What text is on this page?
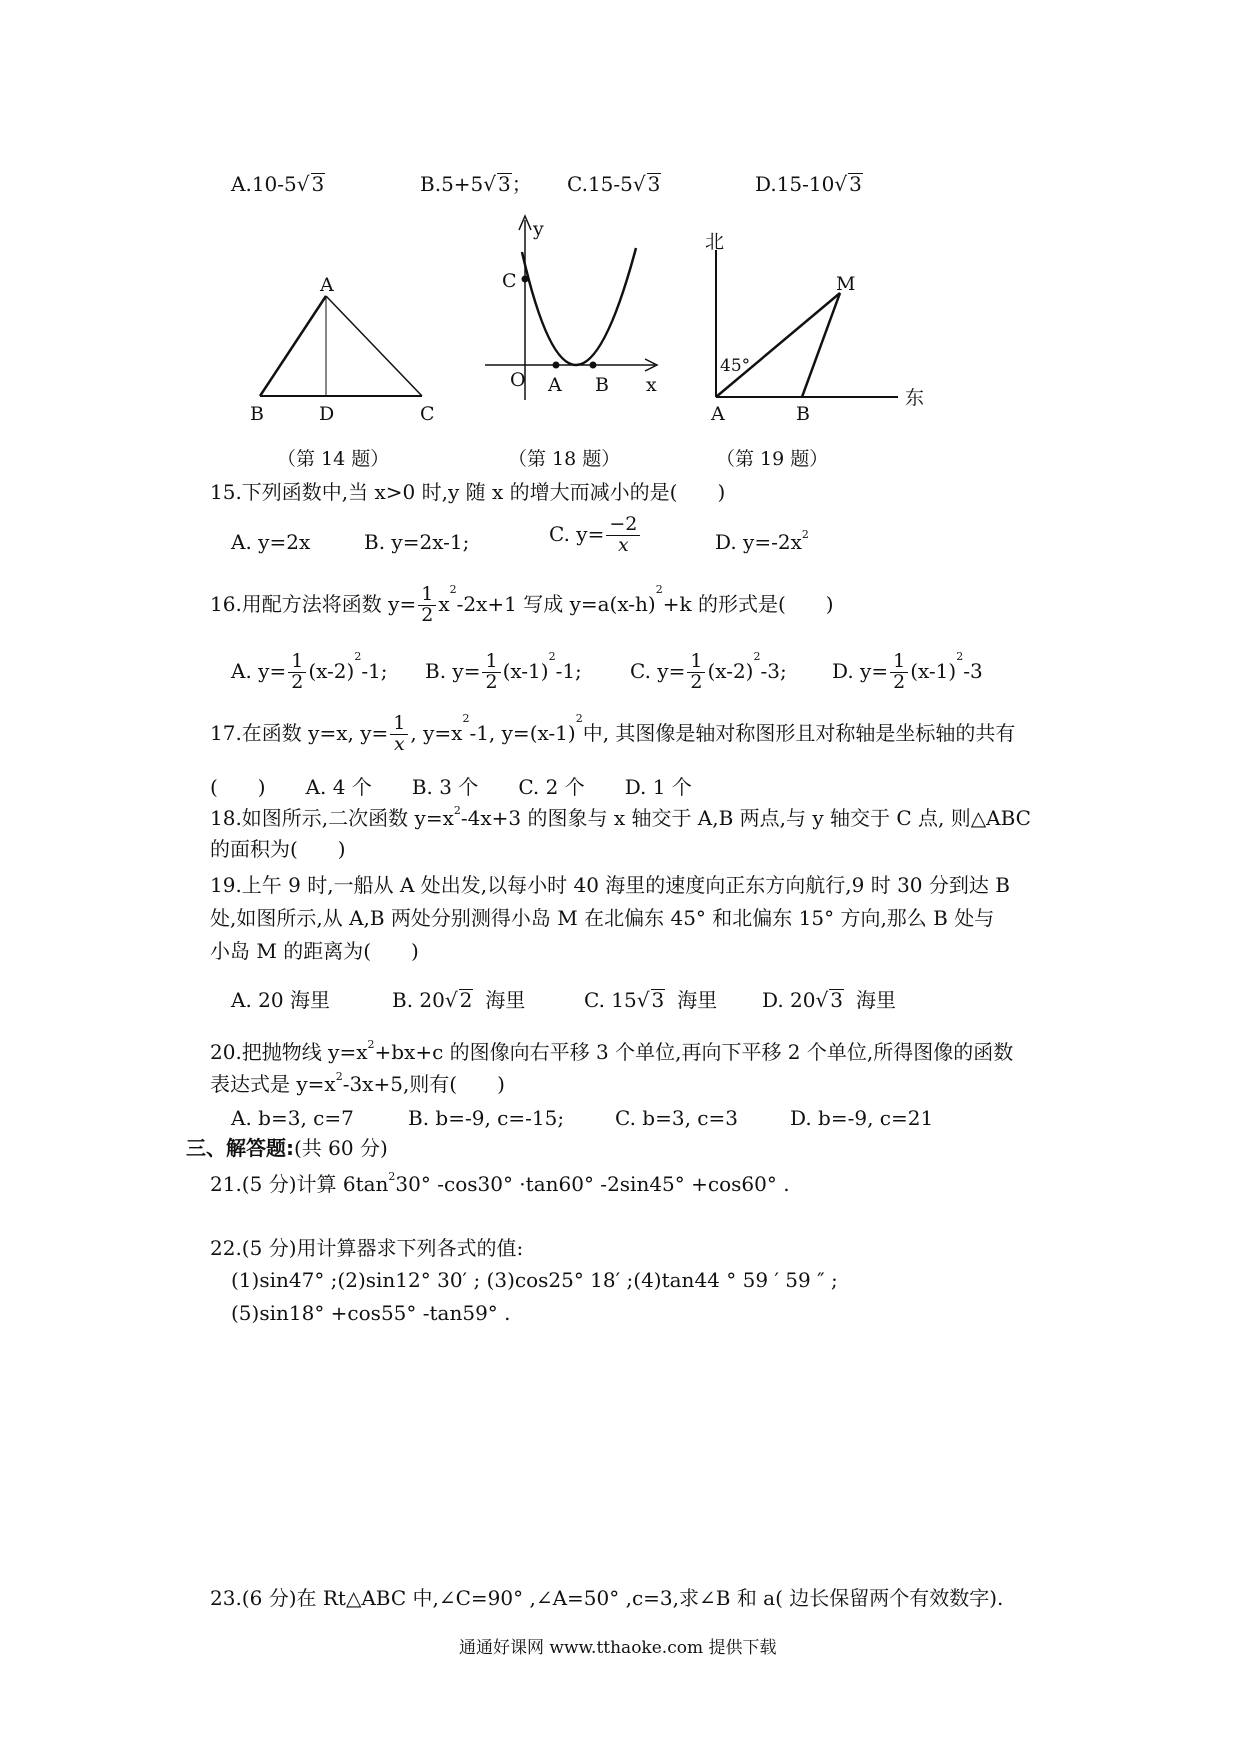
A.10-5√ 3	B.5+5√ 3； C.15-5√ 3	D.15-10√ 3
A
B	D	C
y
C
O A B x
北
M
45°
A	B
东
（第 14 题）	（第 18 题）	（第 19 题）
15.下列函数中,当 x>0 时,y 随 x 的增大而减小的是(　　)
A. y=2x	B. y=2x-1;	C. $y= \frac{-2}{x}$	D. $y=-2x^2$
16.用配方法将函数 $y= \frac{1}{2} x^2-2x+1$ 写成 $y=a(x-h)^2+k$ 的形式是(　　)
A. $y= \frac{1}{2} (x-2)^2-1$; B. $y= \frac{1}{2} (x-1)^2-1$; C. $y= \frac{1}{2} (x-2)^2-3$; D. $y= \frac{1}{2} (x-1)^2-3$
17.在函数 y=x, $y= \frac{1}{x}$ , $y=x^2-1$, $y=(x-1)^2$中, 其图像是轴对称图形且对称轴是坐标轴的共有
(　　)　　A. 4 个　　B. 3 个　　C. 2 个　　D. 1 个
18.如图所示,二次函数 $y=x^2-4x+3$ 的图象与 x 轴交于 A,B 两点,与 y 轴交于 C 点, 则△ABC
的面积为(　　)
19.上午 9 时,一船从 A 处出发,以每小时 40 海里的速度向正东方向航行,9 时 30 分到达 B
处,如图所示,从 A,B 两处分别测得小岛 M 在北偏东 45° 和北偏东 15° 方向,那么 B 处与
小岛 M 的距离为(　　)
A. 20 海里	B. 20√ 2 海里	C. 15√ 3 海里 D. 20√ 3 海里
20.把抛物线 $y=x^2+bx+c$ 的图像向右平移 3 个单位,再向下平移 2 个单位,所得图像的函数
表达式是 $y=x^2-3x+5$,则有(　　)
A. b=3, c=7	B. b=-9, c=-15;	C. b=3, c=3	D. b=-9, c=21
三、解答题:(共 60 分)
21.(5 分)计算 $6\tan^230^\circ$ -cos30° ·tan60° -2sin45° +cos60° .
22.(5 分)用计算器求下列各式的值:
(1)sin47° ;(2)sin12° 30′ ; (3)cos25° 18′ ;(4)tan44 ° 59 ′ 59 ″ ;
(5)sin18° +cos55° -tan59° .
23.(6 分)在 Rt△ABC 中,∠C=90° ,∠A=50° ,c=3,求∠B 和 a( 边长保留两个有效数字).
通通好课网 www.tthaoke.com 提供下载
